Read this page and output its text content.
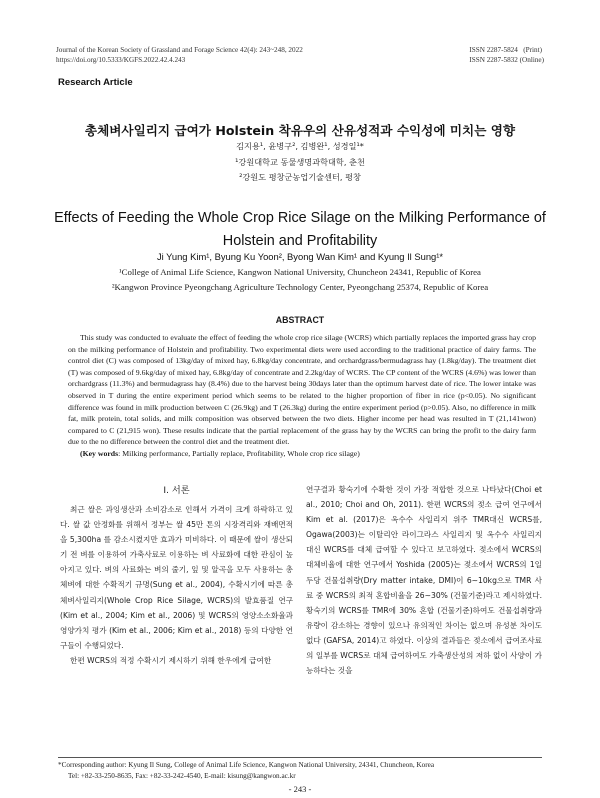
Journal of the Korean Society of Grassland and Forage Science 42(4): 243~248, 2022
https://doi.org/10.5333/KGFS.2022.42.4.243
ISSN 2287-5824   (Print)
ISSN 2287-5832 (Online)
Research Article
총체벼사일리지 급여가 Holstein 착유우의 산유성적과 수익성에 미치는 영향
김지용¹, 윤병구², 김병완¹, 성경일¹*
¹강원대학교 동물생명과학대학, 춘천
²강원도 평창군농업기술센터, 평창
Effects of Feeding the Whole Crop Rice Silage on the Milking Performance of Holstein and Profitability
Ji Yung Kim¹, Byung Ku Yoon², Byong Wan Kim¹ and Kyung Il Sung¹*
¹College of Animal Life Science, Kangwon National University, Chuncheon 24341, Republic of Korea
²Kangwon Province Pyeongchang Agriculture Technology Center, Pyeongchang 25374, Republic of Korea
ABSTRACT

This study was conducted to evaluate the effect of feeding the whole crop rice silage (WCRS) which partially replaces the imported grass hay crop on the milking performance of Holstein and profitability. Two experimental diets were used according to the traditional practice of dairy farms. The control diet (C) was composed of 13kg/day of mixed hay, 6.8kg/day concentrate, and orchardgrass/bermudagrass hay (1.8kg/day). The treatment diet (T) was composed of 9.6kg/day of mixed hay, 6.8kg/day of concentrate and 2.2kg/day of WCRS. The CP content of the WCRS (4.6%) was lower than orchardgrass (11.3%) and bermudagrass hay (8.4%) due to the harvest being 30days later than the optimum harvest date of rice. The lower intake was observed in T during the entire experiment period which seems to be related to the higher proportion of fiber in rice (p<0.05). No significant difference was found in milk production between C (26.9kg) and T (26.3kg) during the entire experiment period (p>0.05). Also, no difference in milk fat, milk protein, total solids, and milk composition was observed between the two diets. Higher income per head was resulted in T (21,141won) compared to C (21,915 won). These results indicate that the partial replacement of the grass hay by the WCRS can bring the profit to the dairy farm due to the no difference between the control diet and the treatment diet.

(Key words: Milking performance, Partially replace, Profitability, Whole crop rice silage)

Ⅰ. 서론

최근 쌀은 과잉생산과 소비감소로 인해서 가격이 크게 하락하고 있다. 쌀 값 안정화를 위해서 정부는 쌀 45만 톤의 시장격리와 재배면적을 5,300ha 를 감소시켰지만 효과가 미비하다. 이 때문에 쌀이 생산되기 전 벼를 이용하여 가축사료로 이용하는 벼 사료화에 대한 관심이 높아지고 있다. 벼의 사료화는 벼의 줄기, 잎 및 알곡을 모두 사용하는 총체벼에 대한 수확적기 규명(Sung et al., 2004), 수확시기에 따른 총체벼사일리지(Whole Crop Rice Silage, WCRS)의 발효품질 연구(Kim et al., 2004; Kim et al., 2006) 및 WCRS의 영양소소화율과 영양가치 평가 (Kim et al., 2006; Kim et al., 2018) 등의 다양한 연구들이 수행되었다.

한편 WCRS의 적정 수확시기 제시하기 위해 한우에게 급여한

연구결과 황숙기에 수확한 것이 가장 적합한 것으로 나타났다(Choi et al., 2010; Choi and Oh, 2011). 한편 WCRS의 젖소 급여 연구에서 Kim et al. (2017)은 옥수수 사일리지 위주 TMR대신 WCRS를, Ogawa(2003)는 이탈리안 라이그라스 사일리지 및 옥수수 사일리지 대신 WCRS를 대체 급여할 수 있다고 보고하였다. 젖소에서 WCRS의 대체비율에 대한 연구에서 Yoshida (2005)는 젖소에서 WCRS의 1일 두당 건물섭취량(Dry matter intake, DMI)이 6~10kg으로 TMR 사료 중 WCRS의 최적 혼합비율을 26~30% (건물기준)라고 제시하였다. 황숙기의 WCRS를 TMR에 30% 혼합 (건물기준)하여도 건물섭취량과 유량이 감소하는 경향이 있으나 유의적인 차이는 없으며 유성분 차이도 없다 (GAFSA, 2014)고 하였다. 이상의 결과들은 젖소에서 급여조사료의 일부를 WCRS로 대체 급여하여도 가축생산성의 저하 없이 사양이 가능하다는 것을

*Corresponding author: Kyung Il Sung, College of Animal Life Science, Kangwon National University, 24341, Chuncheon, Korea
Tel: +82-33-250-8635, Fax: +82-33-242-4540, E-mail: kisung@kangwon.ac.kr
- 243 -
